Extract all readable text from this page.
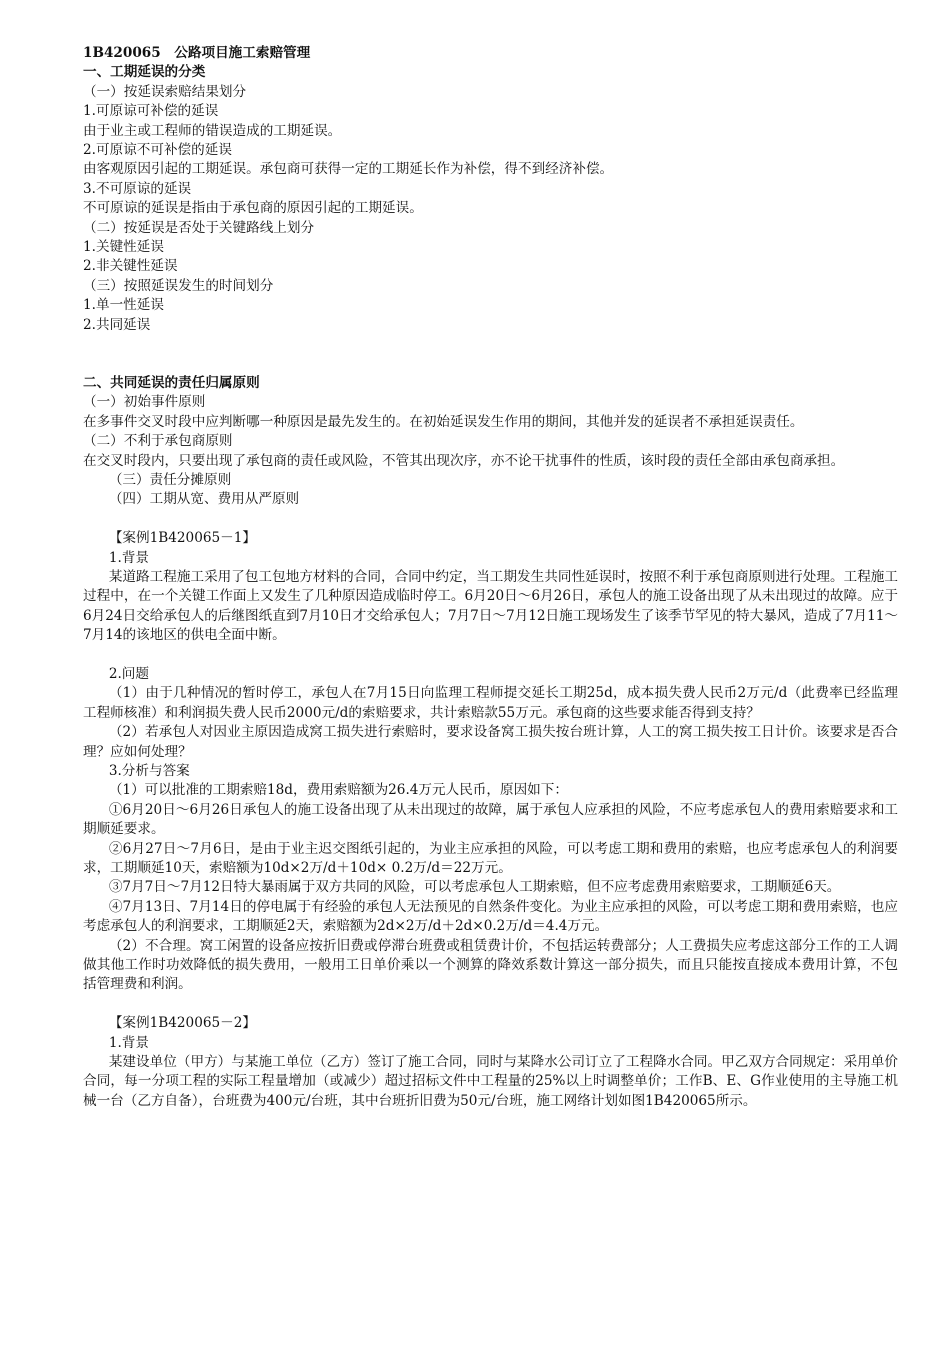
1B420065　公路项目施工索赔管理
一、工期延误的分类
（一）按延误索赔结果划分
1.可原谅可补偿的延误
由于业主或工程师的错误造成的工期延误。
2.可原谅不可补偿的延误
由客观原因引起的工期延误。承包商可获得一定的工期延长作为补偿，得不到经济补偿。
3.不可原谅的延误
不可原谅的延误是指由于承包商的原因引起的工期延误。
（二）按延误是否处于关键路线上划分
1.关键性延误
2.非关键性延误
（三）按照延误发生的时间划分
1.单一性延误
2.共同延误
二、共同延误的责任归属原则
（一）初始事件原则
在多事件交叉时段中应判断哪一种原因是最先发生的。在初始延误发生作用的期间，其他并发的延误者不承担延误责任。
（二）不利于承包商原则
在交叉时段内，只要出现了承包商的责任或风险，不管其出现次序，亦不论干扰事件的性质，该时段的责任全部由承包商承担。
（三）责任分摊原则
（四）工期从宽、费用从严原则
【案例1B420065－1】
1.背景
某道路工程施工采用了包工包地方材料的合同，合同中约定，当工期发生共同性延误时，按照不利于承包商原则进行处理。工程施工过程中，在一个关键工作面上又发生了几种原因造成临时停工。6月20日～6月26日，承包人的施工设备出现了从未出现过的故障。应于6月24日交给承包人的后继图纸直到7月10日才交给承包人；7月7日～7月12日施工现场发生了该季节罕见的特大暴风，造成了7月11～7月14的该地区的供电全面中断。
2.问题
（1）由于几种情况的暂时停工，承包人在7月15日向监理工程师提交延长工期25d，成本损失费人民币2万元/d（此费率已经监理工程师核准）和利润损失费人民币2000元/d的索赔要求，共计索赔款55万元。承包商的这些要求能否得到支持？
（2）若承包人对因业主原因造成窝工损失进行索赔时，要求设备窝工损失按台班计算，人工的窝工损失按工日计价。该要求是否合理？应如何处理？
3.分析与答案
（1）可以批准的工期索赔18d，费用索赔额为26.4万元人民币，原因如下：
①6月20日～6月26日承包人的施工设备出现了从未出现过的故障，属于承包人应承担的风险，不应考虑承包人的费用索赔要求和工期顺延要求。
②6月27日～7月6日，是由于业主迟交图纸引起的，为业主应承担的风险，可以考虑工期和费用的索赔，也应考虑承包人的利润要求，工期顺延10天，索赔额为10d×2万/d＋10d× 0.2万/d＝22万元。
③7月7日～7月12日特大暴雨属于双方共同的风险，可以考虑承包人工期索赔，但不应考虑费用索赔要求，工期顺延6天。
④7月13日、7月14日的停电属于有经验的承包人无法预见的自然条件变化。为业主应承担的风险，可以考虑工期和费用索赔，也应考虑承包人的利润要求，工期顺延2天，索赔额为2d×2万/d＋2d×0.2万/d＝4.4万元。
（2）不合理。窝工闲置的设备应按折旧费或停滞台班费或租赁费计价，不包括运转费部分；人工费损失应考虑这部分工作的工人调做其他工作时功效降低的损失费用，一般用工日单价乘以一个测算的降效系数计算这一部分损失，而且只能按直接成本费用计算，不包括管理费和利润。
【案例1B420065－2】
1.背景
某建设单位（甲方）与某施工单位（乙方）签订了施工合同，同时与某降水公司订立了工程降水合同。甲乙双方合同规定：采用单价合同，每一分项工程的实际工程量增加（或减少）超过招标文件中工程量的25%以上时调整单价；工作B、E、G作业使用的主导施工机械一台（乙方自备），台班费为400元/台班，其中台班折旧费为50元/台班，施工网络计划如图1B420065所示。
